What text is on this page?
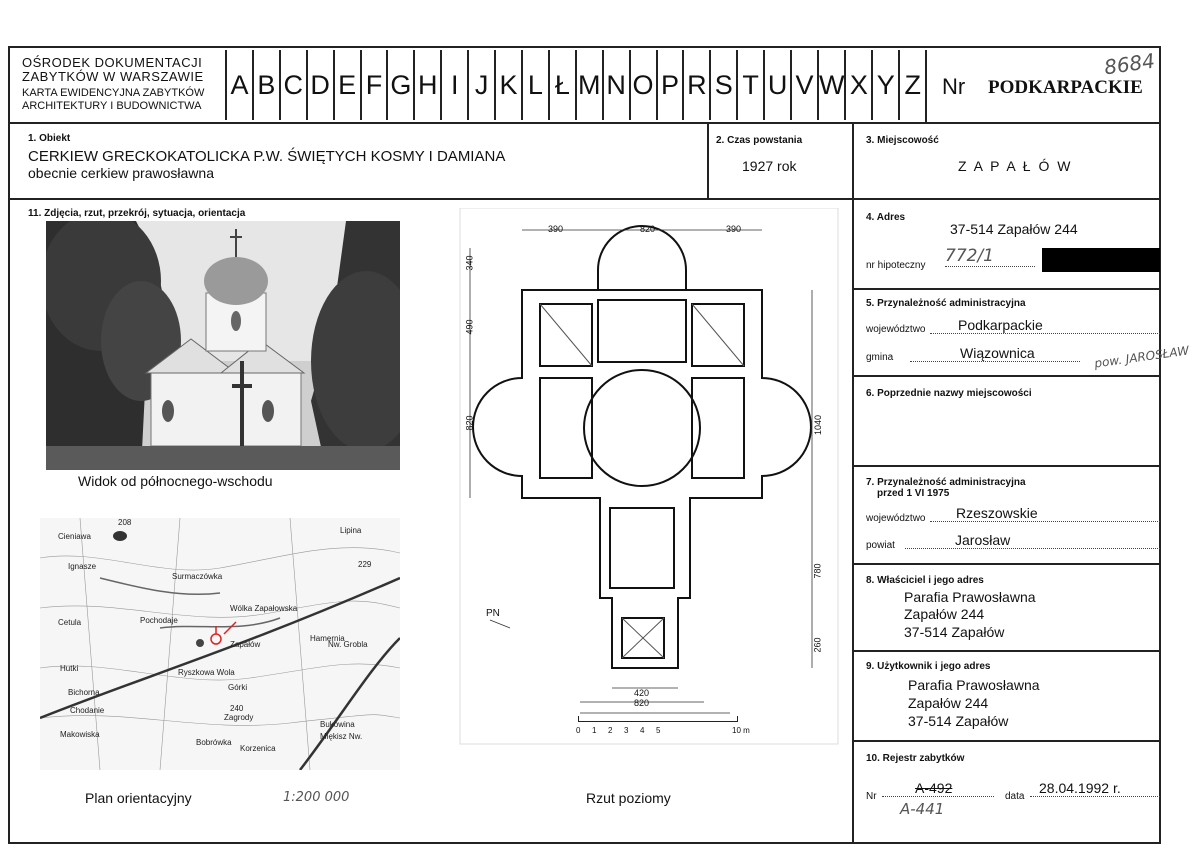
OŚRODEK DOKUMENTACJI
ZABYTKÓW W WARSZAWIE
KARTA EWIDENCYJNA ZABYTKÓW
ARCHITEKTURY I BUDOWNICTWA
A B C D E F G H I J K L Ł M N O P R S T U V W X Y Z Nr PODKARPACKIE
8684
1. Obiekt
CERKIEW GRECKOKATOLICKA P.W. ŚWIĘTYCH KOSMY I DAMIANA
obecnie cerkiew prawosławna
2. Czas powstania
1927 rok
3. Miejscowość
Z A P A Ł Ó W
11. Zdjęcia, rzut, przekrój, sytuacja, orientacja
Widok od północnego-wschodu
Cieniawa
Lipina
Ignasze
Surmaczówka
Wólka Zapałowska
Cetula	Pochodaje
Zapałów
Hamernia
Hutki	Ryszkowa Wola
Górki
Bichorna
Chodanie
Zagrody
Makowiska
Bobrówka
Bukowina
Miękisz Nw.
Korzenica
Nw. Grobla
208
229
240
Plan orientacyjny	1:200 000
390	820	390
340
490
820	1040
780
260
420
820
PN
0 1 2 3 4 5	10 m
Rzut poziomy
4. Adres
37-514 Zapałów 244
nr hipoteczny 772/1
5. Przynależność administracyjna
województwo	Podkarpackie
gmina	Wiązownica	pow. JAROSŁAW
6. Poprzednie nazwy miejscowości
7. Przynależność administracyjna
przed 1 VI 1975
województwo	Rzeszowskie
powiat	Jarosław
8. Właściciel i jego adres
Parafia Prawosławna
Zapałów 244
37-514 Zapałów
9. Użytkownik i jego adres
Parafia Prawosławna
Zapałów 244
37-514 Zapałów
10. Rejestr zabytków
Nr
A-492
A-441
data
28.04.1992 r.
